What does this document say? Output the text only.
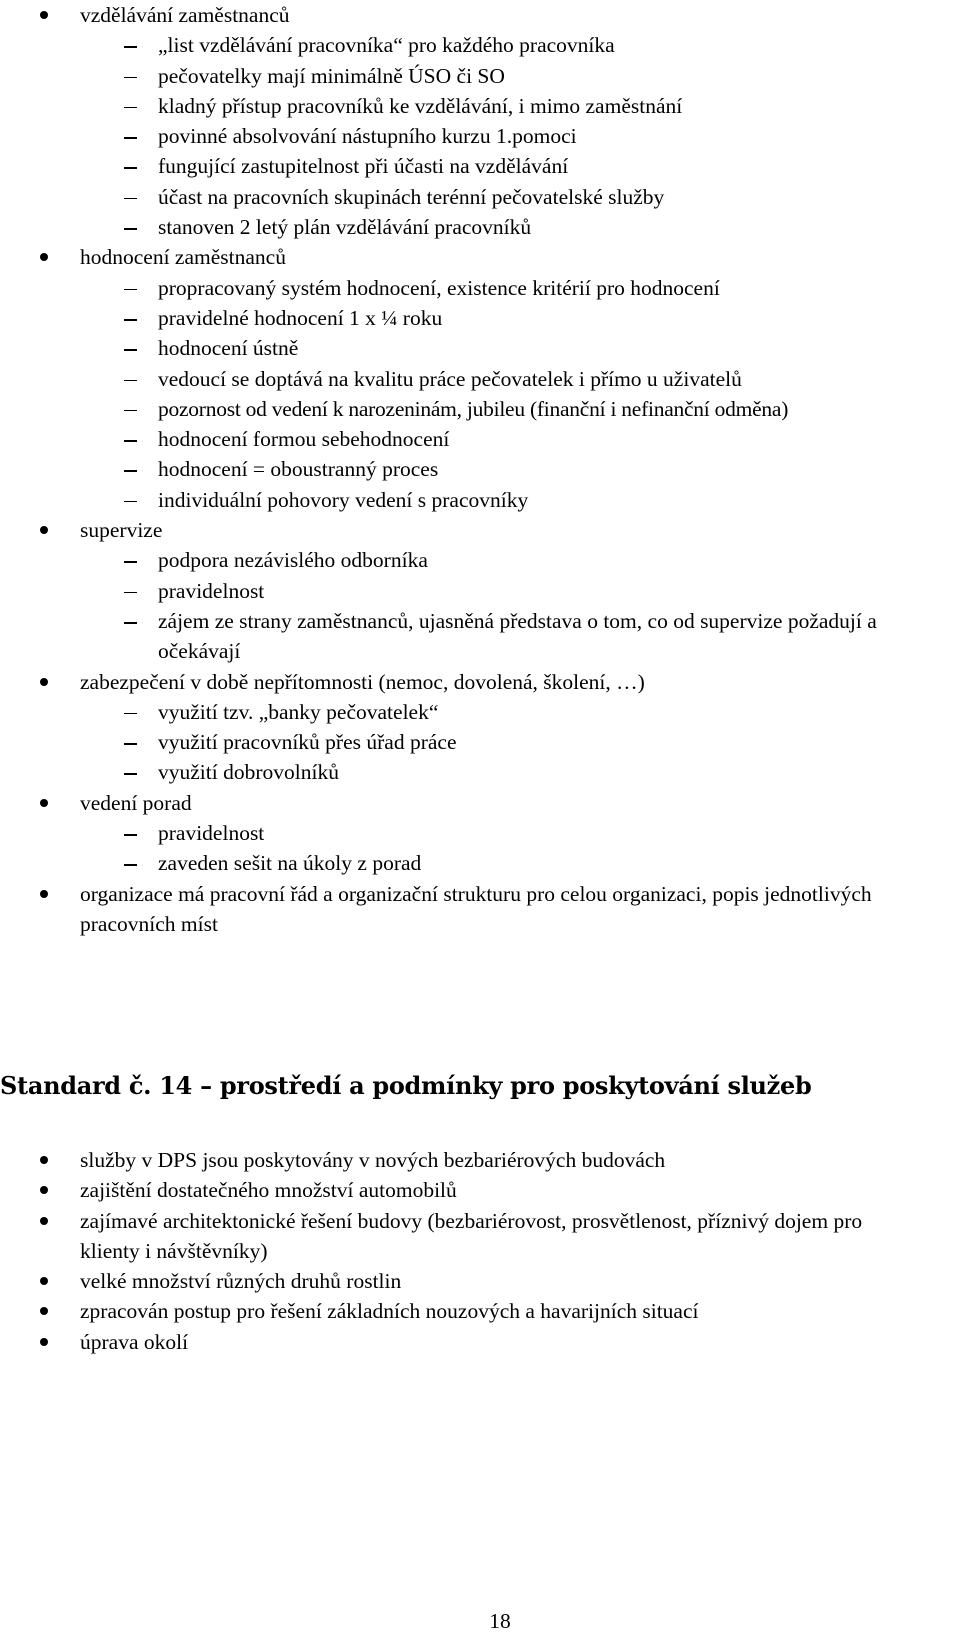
vzdělávání zaměstnanců
„list vzdělávání pracovníka“ pro každého pracovníka
pečovatelky mají minimálně ÚSO či SO
kladný přístup pracovníků ke vzdělávání, i mimo zaměstnání
povinné absolvování nástupního kurzu 1.pomoci
fungující zastupitelnost při účasti na vzdělávání
účast na pracovních skupinách terénní pečovatelské služby
stanoven 2 letý plán vzdělávání pracovníků
hodnocení zaměstnanců
propracovaný systém hodnocení, existence kritérií pro hodnocení
pravidelné hodnocení 1 x ¼ roku
hodnocení ústně
vedoucí se doptává na kvalitu práce pečovatelek i přímo u uživatelů
pozornost od vedení k narozeninám, jubileu (finanční i nefinanční odměna)
hodnocení formou sebehodnocení
hodnocení = oboustranný proces
individuální pohovory vedení s pracovníky
supervize
podpora nezávislého odborníka
pravidelnost
zájem ze strany zaměstnanců, ujasněná představa o tom, co od supervize požadují a očekávají
zabezpečení v době nepřítomnosti (nemoc, dovolená, školení, …)
využití tzv. „banky pečovatelek“
využití pracovníků přes úřad práce
využití dobrovolníků
vedení porad
pravidelnost
zaveden sešit na úkoly z porad
organizace má pracovní řád a organizační strukturu pro celou organizaci, popis jednotlivých pracovních míst
Standard č. 14 – prostředí a podmínky pro poskytování služeb
služby v DPS jsou poskytovány v nových bezbariérových budovách
zajištění dostatečného množství automobilů
zajímavé architektonické řešení budovy (bezbariérovost, prosvětlenost, příznivý dojem pro klienty i návštěvníky)
velké množství různých druhů rostlin
zpracován postup pro řešení základních nouzových a havarijních situací
úprava okolí
18
